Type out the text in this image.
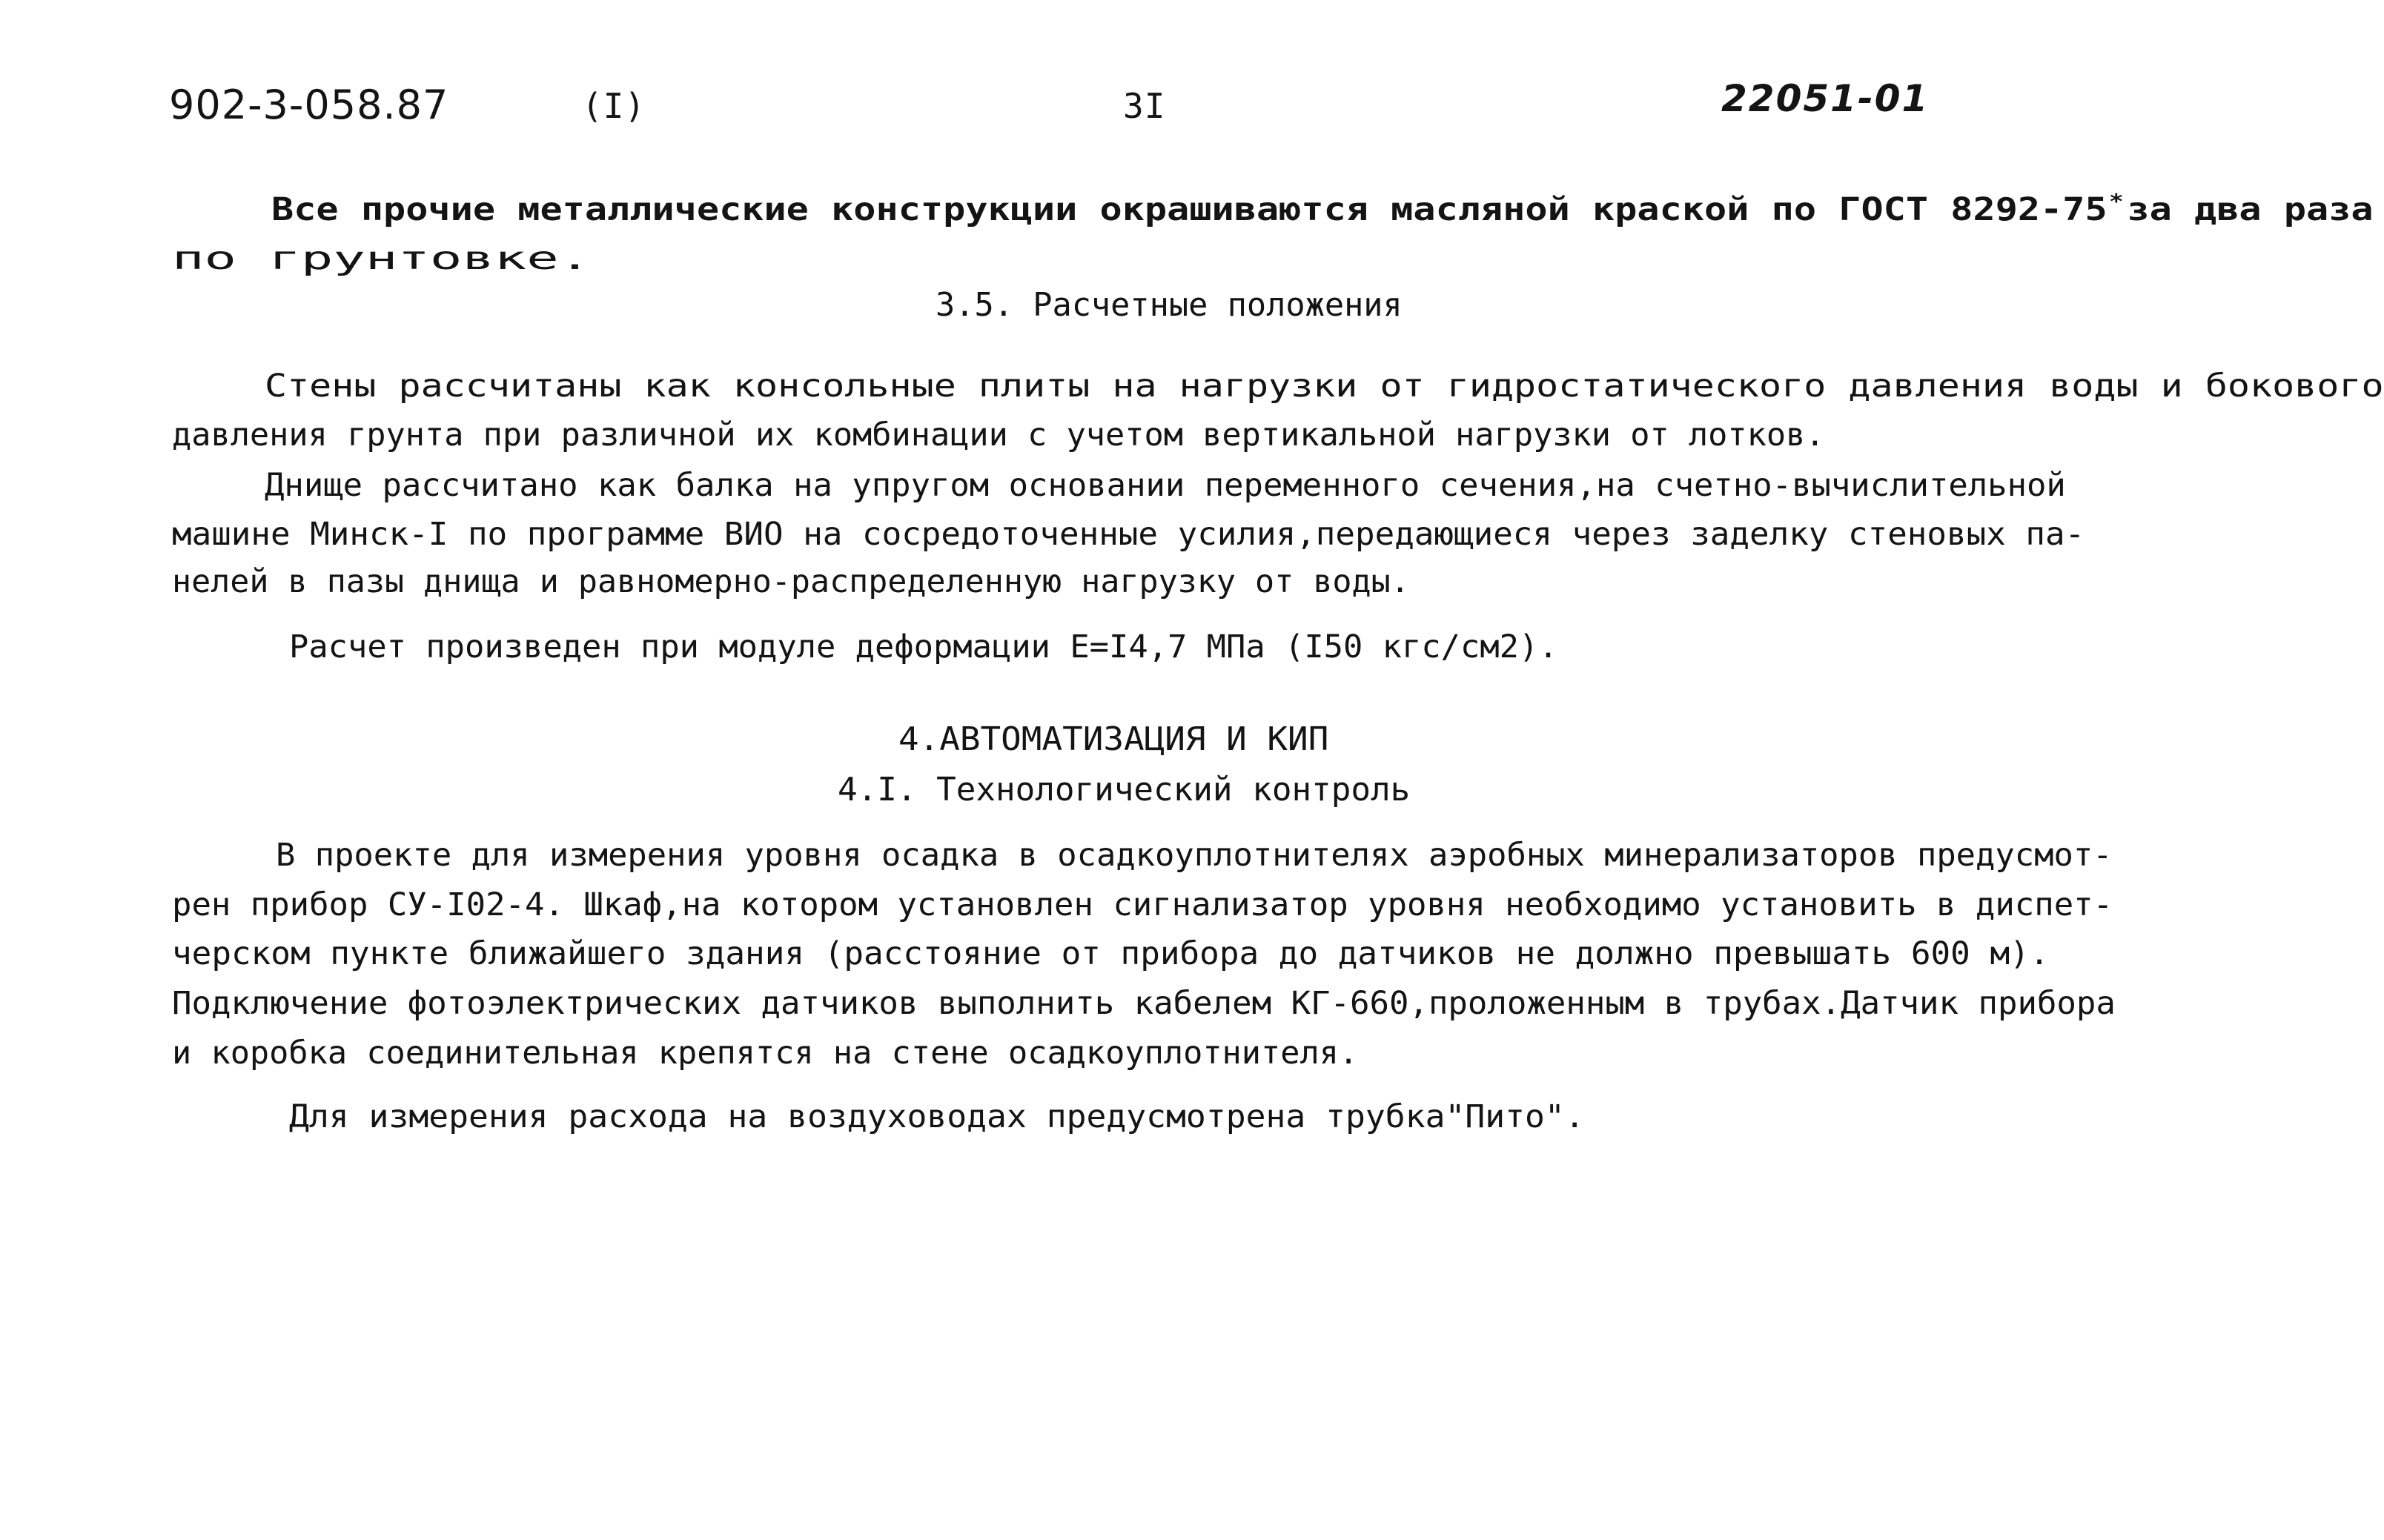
902-3-058.87	(I)	3I	22051-01
Все прочие металлические конструкции окрашиваются масляной краской по ГОСТ 8292-75* за два раза
по грунтовке.
3.5. Расчетные положения
Стены рассчитаны как консольные плиты на нагрузки от гидростатического давления воды и бокового
давления грунта при различной их комбинации с учетом вертикальной нагрузки от лотков.
Днище рассчитано как балка на упругом основании переменного сечения,на счетно-вычислительной
машине Минск-I по программе ВИО на сосредоточенные усилия,передающиеся через заделку стеновых па-
нелей в пазы днища и равномерно-распределенную нагрузку от воды.
Расчет произведен при модуле деформации Е=I4,7 МПа (I50 кгс/см2).
4.АВТОМАТИЗАЦИЯ И КИП
4.I. Технологический контроль
В проекте для измерения уровня осадка в осадкоуплотнителях аэробных минерализаторов предусмот-
рен прибор СУ-I02-4. Шкаф,на котором установлен сигнализатор уровня необходимо установить в диспет-
черском пункте ближайшего здания (расстояние от прибора до датчиков не должно превышать 600 м).
Подключение фотоэлектрических датчиков выполнить кабелем КГ-660,проложенным в трубах.Датчик прибора
и коробка соединительная крепятся на стене осадкоуплотнителя.
Для измерения расхода на воздуховодах предусмотрена трубка"Пито".
